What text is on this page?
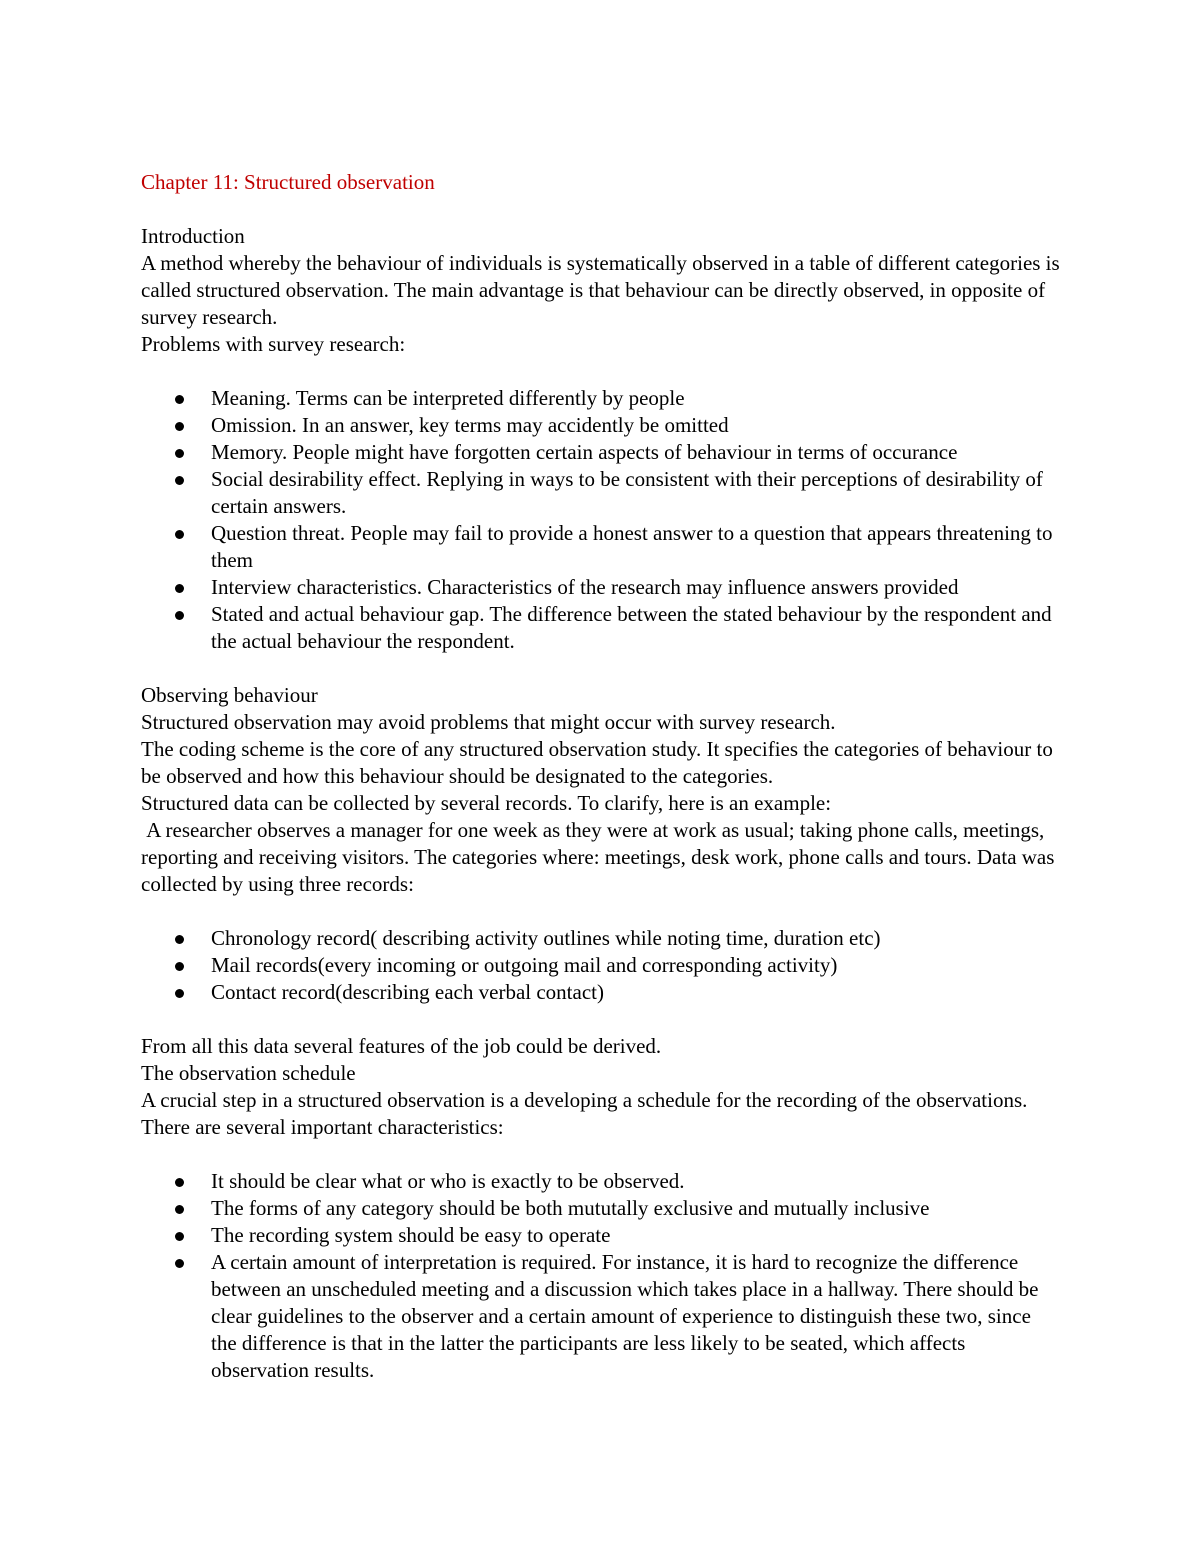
Chapter 11: Structured observation

Introduction

A method whereby the behaviour of individuals is systematically observed in a table of different categories is called structured observation. The main advantage is that behaviour can be directly observed, in opposite of survey research.

Problems with survey research:

Meaning. Terms can be interpreted differently by people
Omission. In an answer, key terms may accidently be omitted
Memory. People might have forgotten certain aspects of behaviour in terms of occurance
Social desirability effect. Replying in ways to be consistent with their perceptions of desirability of certain answers.
Question threat. People may fail to provide a honest answer to a question that appears threatening to them
Interview characteristics. Characteristics of the research may influence answers provided
Stated and actual behaviour gap. The difference between the stated behaviour by the respondent and the actual behaviour the respondent.

Observing behaviour

Structured observation may avoid problems that might occur with survey research.

The coding scheme is the core of any structured observation study. It specifies the categories of behaviour to be observed and how this behaviour should be designated to the categories.

Structured data can be collected by several records. To clarify, here is an example:

A researcher observes a manager for one week as they were at work as usual; taking phone calls, meetings, reporting and receiving visitors. The categories where: meetings, desk work, phone calls and tours. Data was collected by using three records:

Chronology record( describing activity outlines while noting time, duration etc)
Mail records(every incoming or outgoing mail and corresponding activity)
Contact record(describing each verbal contact)

From all this data several features of the job could be derived.

The observation schedule

A crucial step in a structured observation is a developing a schedule for the recording of the observations. There are several important characteristics:

It should be clear what or who is exactly to be observed.
The forms of any category should be both mututally exclusive and mutually inclusive
The recording system should be easy to operate
A certain amount of interpretation is required. For instance, it is hard to recognize the difference between an unscheduled meeting and a discussion which takes place in a hallway. There should be clear guidelines to the observer and a certain amount of experience to distinguish these two, since the difference is that in the latter the participants are less likely to be seated, which affects observation results.
